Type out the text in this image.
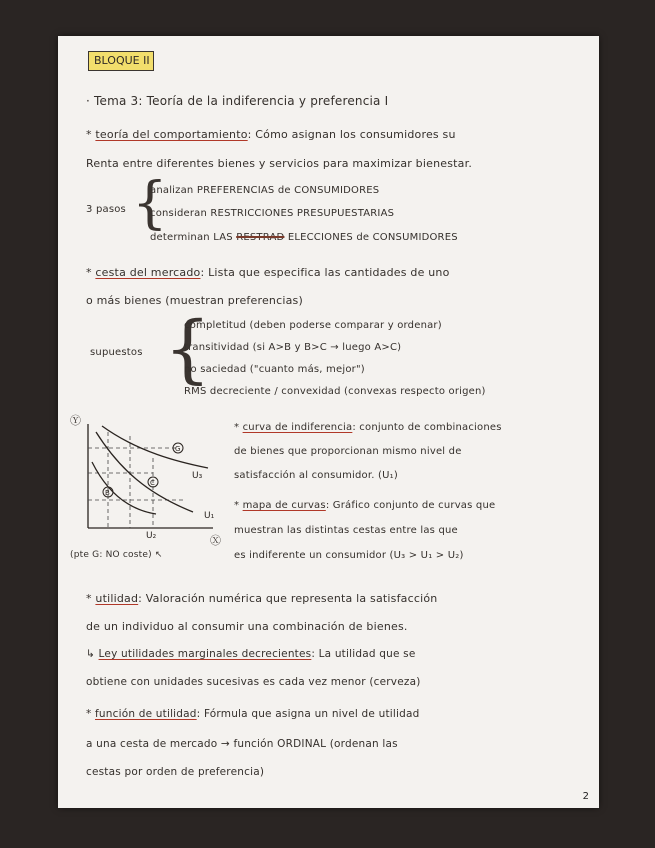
BLOQUE II
· Tema 3: Teoría de la indiferencia y preferencia I
* teoría del comportamiento: Cómo asignan los consumidores su
Renta entre diferentes bienes y servicios para maximizar bienestar.
{
3 pasos
analizan PREFERENCIAS de CONSUMIDORES
consideran RESTRICCIONES PRESUPUESTARIAS
determinan LAS RESTRAD ELECCIONES de CONSUMIDORES
* cesta del mercado: Lista que especifica las cantidades de uno
o más bienes (muestran preferencias)
{
supuestos
completitud (deben poderse comparar y ordenar)
transitividad (si A>B y B>C → luego A>C)
no saciedad ("cuanto más, mejor")
RMS decreciente / convexidad (convexas respecto origen)
Ⓨ
Ⓧ
U₃
U₁
U₂
G
C
B
(pte G: NO coste) ↖
* curva de indiferencia: conjunto de combinaciones
de bienes que proporcionan mismo nivel de
satisfacción al consumidor. (U₁)
* mapa de curvas: Gráfico conjunto de curvas que
muestran las distintas cestas entre las que
es indiferente un consumidor (U₃ > U₁ > U₂)
* utilidad: Valoración numérica que representa la satisfacción
de un individuo al consumir una combinación de bienes.
↳ Ley utilidades marginales decrecientes: La utilidad que se
obtiene con unidades sucesivas es cada vez menor (cerveza)
* función de utilidad: Fórmula que asigna un nivel de utilidad
a una cesta de mercado → función ORDINAL (ordenan las
cestas por orden de preferencia)
2
